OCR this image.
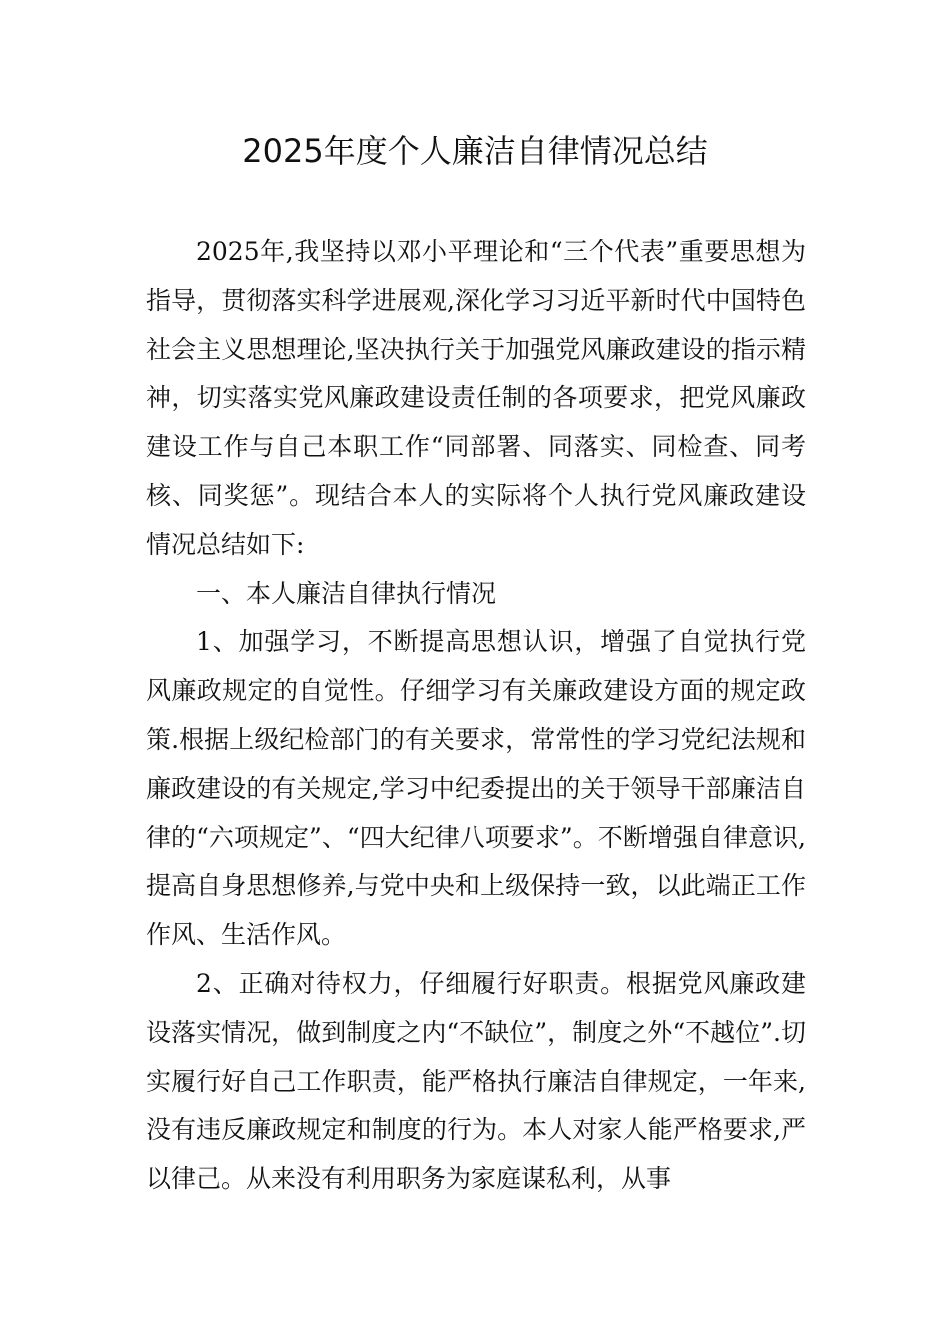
2025年度个人廉洁自律情况总结

2025年,我坚持以邓小平理论和“三个代表”重要思想为指导，贯彻落实科学进展观,深化学习习近平新时代中国特色社会主义思想理论,坚决执行关于加强党风廉政建设的指示精神，切实落实党风廉政建设责任制的各项要求，把党风廉政建设工作与自己本职工作“同部署、同落实、同检查、同考核、同奖惩”。现结合本人的实际将个人执行党风廉政建设情况总结如下:

一、本人廉洁自律执行情况

1、加强学习，不断提高思想认识，增强了自觉执行党风廉政规定的自觉性。仔细学习有关廉政建设方面的规定政策.根据上级纪检部门的有关要求，常常性的学习党纪法规和廉政建设的有关规定,学习中纪委提出的关于领导干部廉洁自律的“六项规定”、“四大纪律八项要求”。不断增强自律意识,提高自身思想修养,与党中央和上级保持一致，以此端正工作作风、生活作风。

2、正确对待权力，仔细履行好职责。根据党风廉政建设落实情况，做到制度之内“不缺位”，制度之外“不越位”.切实履行好自己工作职责，能严格执行廉洁自律规定，一年来,没有违反廉政规定和制度的行为。本人对家人能严格要求,严以律己。从来没有利用职务为家庭谋私利，从事
